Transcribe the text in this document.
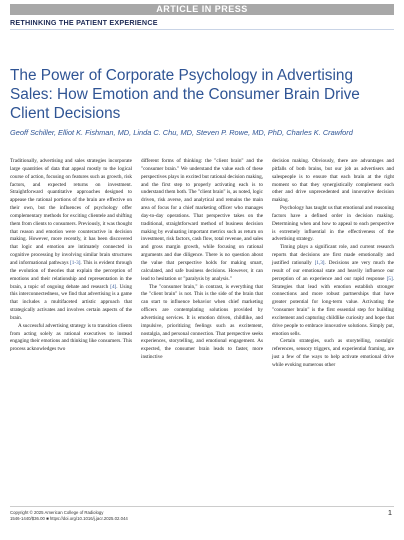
ARTICLE IN PRESS
RETHINKING THE PATIENT EXPERIENCE
The Power of Corporate Psychology in Advertising Sales: How Emotion and the Consumer Brain Drive Client Decisions

Geoff Schiller, Elliot K. Fishman, MD, Linda C. Chu, MD, Steven P. Rowe, MD, PhD, Charles K. Crawford

Traditionally, advertising and sales strategies incorporate large quantities of data that appeal mostly to the logical course of action, focusing on features such as growth, risk factors, and expected returns on investment. Straightforward quantitative approaches designed to appease the rational portions of the brain are effective on their own, but the influences of psychology offer complementary methods for exciting clientele and shifting them from clients to consumers. Previously, it was thought that reason and emotion were counteractive in decision making. However, more recently, it has been discovered that logic and emotion are intimately connected in cognitive processing by involving similar brain structures and informational pathways [1-3]. This is evident through the evolution of theories that explain the perception of emotions and their relationship and representation in the brain, a topic of ongoing debate and research [4]. Using this interconnectedness, we find that advertising is a game that includes a multifaceted artistic approach that strategically activates and involves certain aspects of the brain.

A successful advertising strategy is to transition clients from acting solely as rational executives to instead engaging their emotions and thinking like consumers. This process acknowledges two

different forms of thinking: the "client brain" and the "consumer brain." We understand the value each of these perspectives plays in excited but rational decision making, and the first step to properly activating each is to understand them both. The "client brain" is, as noted, logic driven, risk averse, and analytical and remains the main area of focus for a chief marketing officer who manages day-to-day operations. That perspective takes on the traditional, straightforward method of business decision making by evaluating important metrics such as return on investment, risk factors, cash flow, total revenue, and sales and gross margin growth, while focusing on rational arguments and due diligence. There is no question about the value that perspective holds for making smart, calculated, and safe business decisions. However, it can lead to hesitation or "paralysis by analysis."

The "consumer brain," in contrast, is everything that the "client brain" is not. This is the side of the brain that can start to influence behavior when chief marketing officers are contemplating solutions provided by advertising services. It is emotion driven, childlike, and impulsive, prioritizing feelings such as excitement, nostalgia, and personal connection. That perspective seeks experiences, storytelling, and emotional engagement. As expected, the consumer brain leads to faster, more instinctive

decision making. Obviously, there are advantages and pitfalls of both brains, but our job as advertisers and salespeople is to ensure that each brain at the right moment so that they synergistically complement each other and drive unprecedented and innovative decision making.

Psychology has taught us that emotional and reasoning factors have a defined order in decision making. Determining when and how to appeal to each perspective is extremely influential in the effectiveness of the advertising strategy.

Timing plays a significant role, and current research reports that decisions are first made emotionally and justified rationally [1,3]. Decisions are very much the result of our emotional state and heavily influence our perception of an experience and our rapid response [5]. Strategies that lead with emotion establish stronger connections and more robust partnerships that have greater potential for long-term value. Activating the "consumer brain" is the first essential step for building excitement and capturing childlike curiosity and hope that drive people to embrace innovative solutions. Simply put, emotion sells.

Certain strategies, such as storytelling, nostalgic references, sensory triggers, and experiential framing, are just a few of the ways to help activate emotional drive while evoking numerous other

Copyright © 2025 American College of Radiology
1546-1440/$36.00 ■ https://doi.org/10.1016/j.jacr.2025.02.044
1
